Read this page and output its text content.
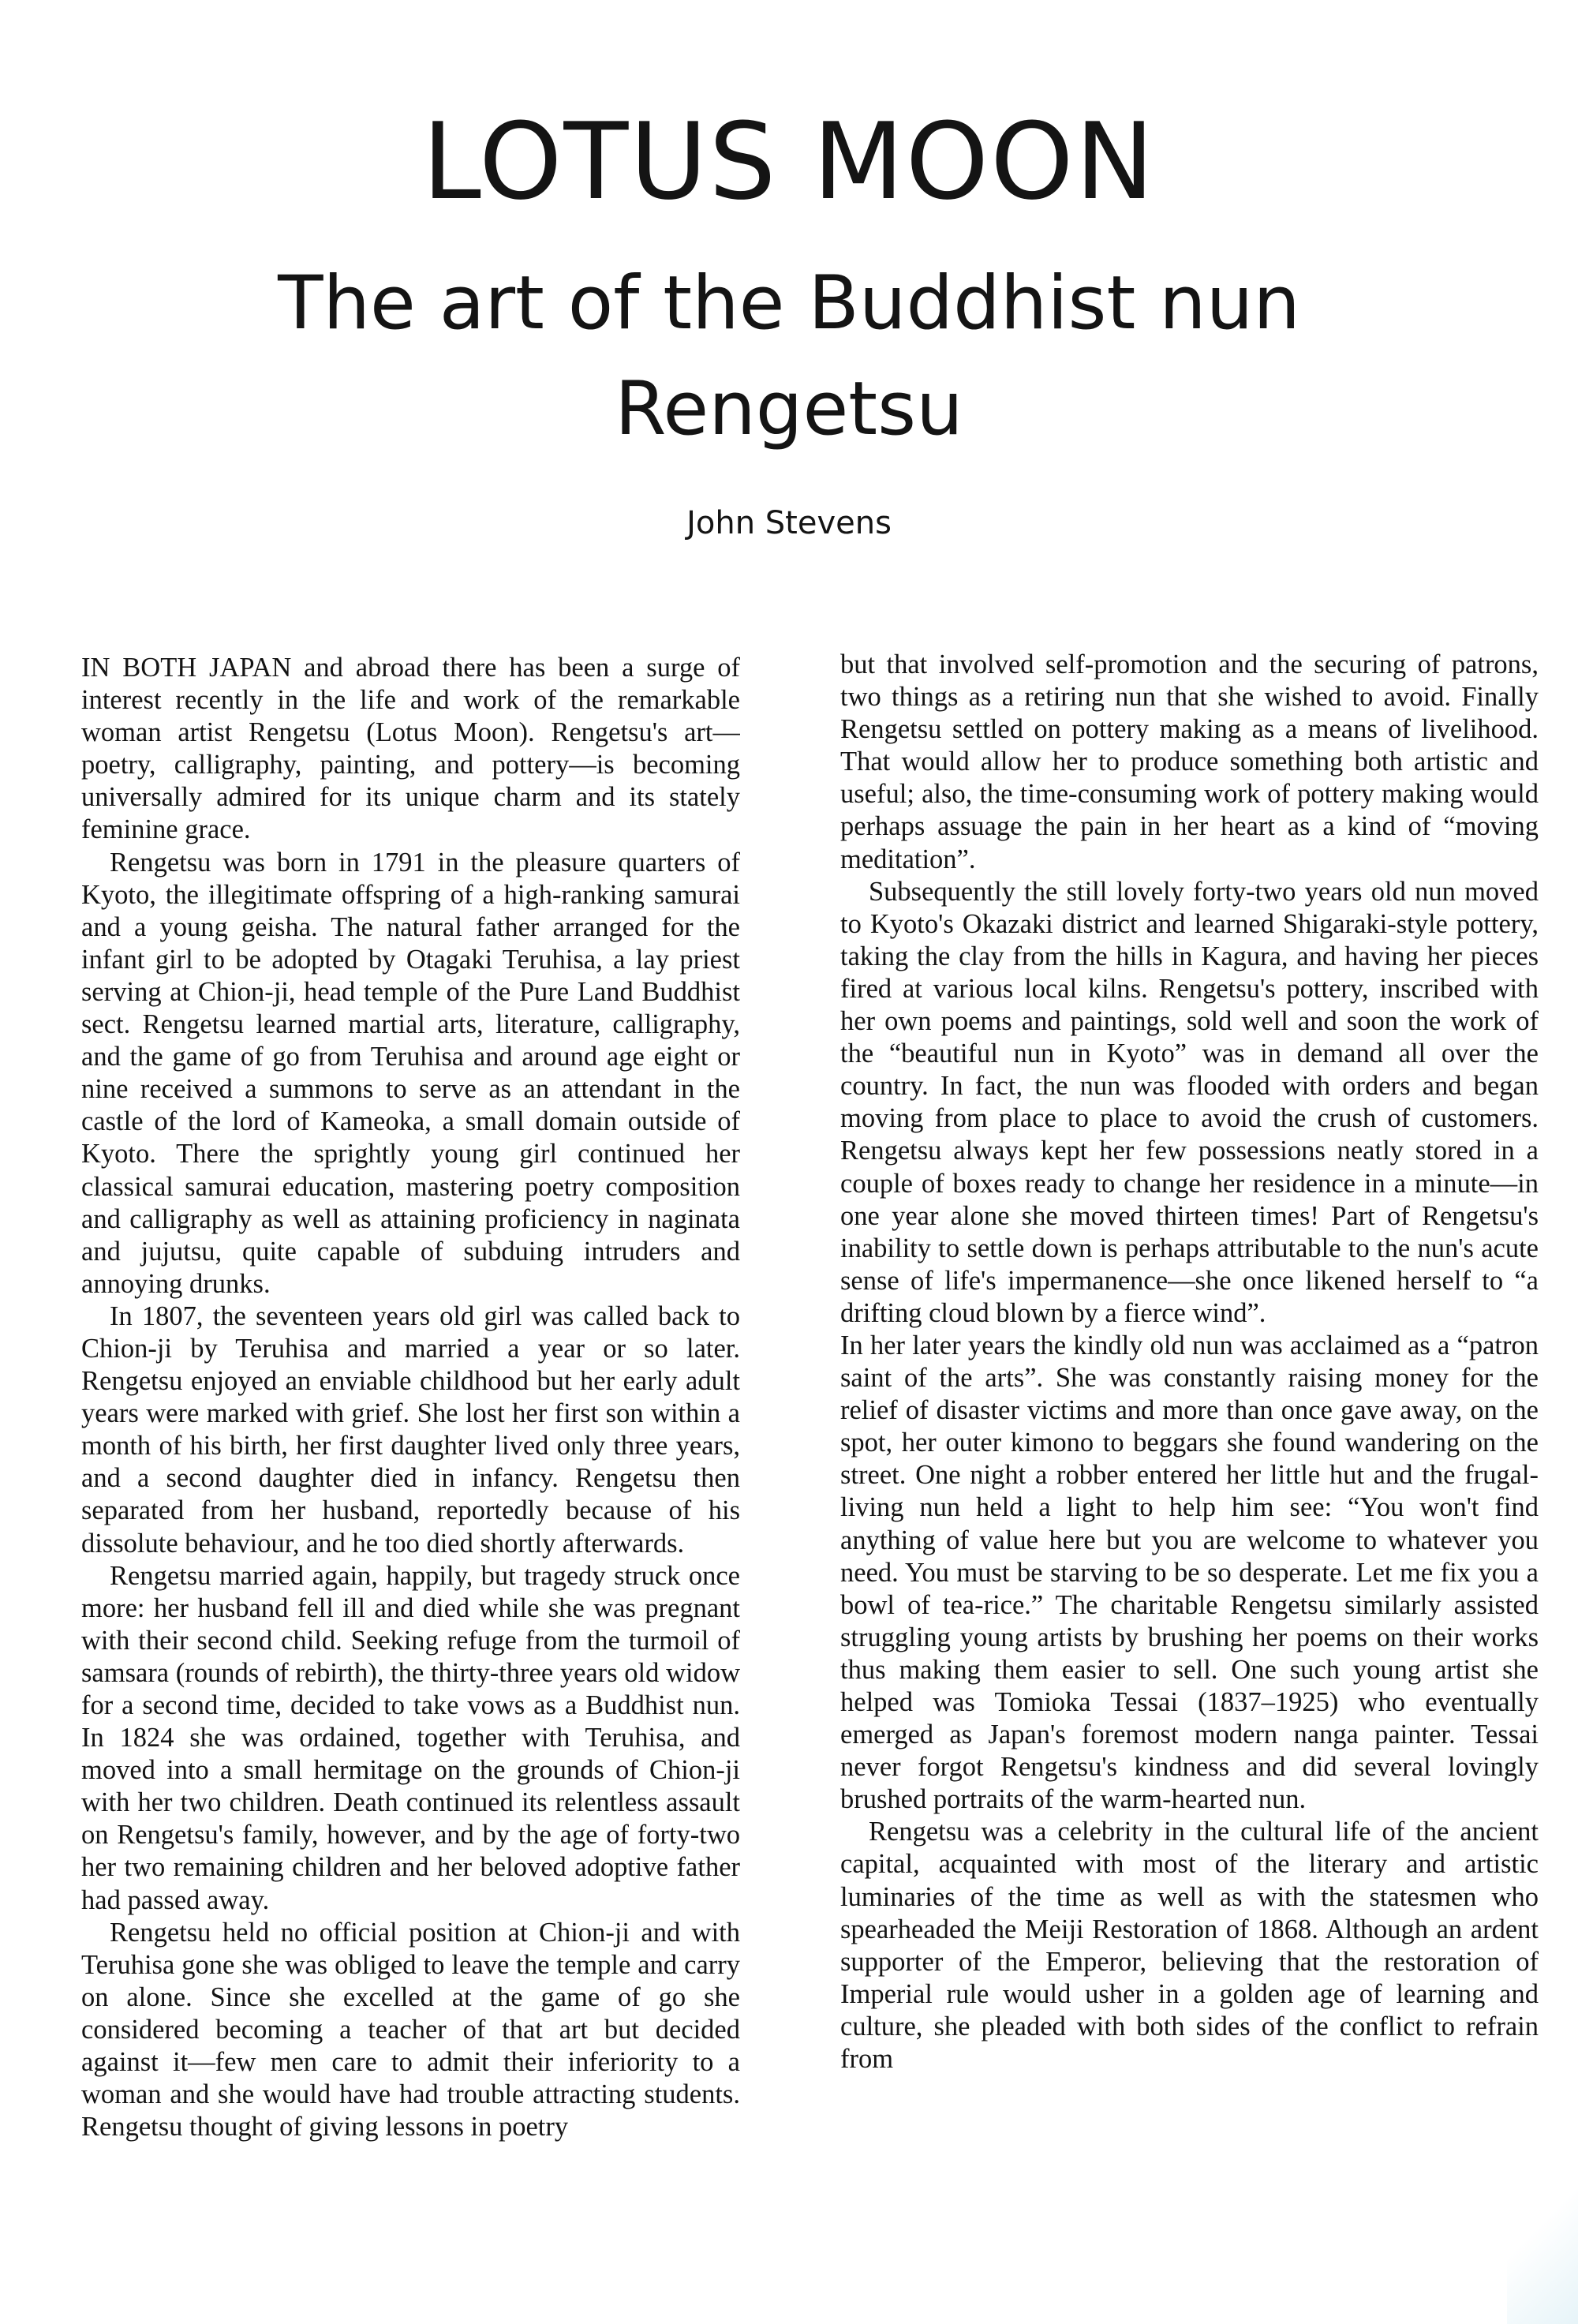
LOTUS MOON
The art of the Buddhist nun Rengetsu
John Stevens

IN BOTH JAPAN and abroad there has been a surge of interest recently in the life and work of the remarkable woman artist Rengetsu (Lotus Moon). Rengetsu's art—poetry, calligraphy, painting, and pottery—is becoming universally admired for its unique charm and its stately feminine grace.

Rengetsu was born in 1791 in the pleasure quarters of Kyoto, the illegitimate offspring of a high-ranking samurai and a young geisha. The natural father arranged for the infant girl to be adopted by Otagaki Teruhisa, a lay priest serving at Chion-ji, head temple of the Pure Land Buddhist sect. Rengetsu learned martial arts, literature, calligraphy, and the game of go from Teruhisa and around age eight or nine received a summons to serve as an attendant in the castle of the lord of Kameoka, a small domain outside of Kyoto. There the sprightly young girl continued her classical samurai education, mastering poetry composition and calligraphy as well as attaining proficiency in naginata and jujutsu, quite capable of subduing intruders and annoying drunks.

In 1807, the seventeen years old girl was called back to Chion-ji by Teruhisa and married a year or so later. Rengetsu enjoyed an enviable childhood but her early adult years were marked with grief. She lost her first son within a month of his birth, her first daughter lived only three years, and a second daughter died in infancy. Rengetsu then separated from her husband, reportedly because of his dissolute behaviour, and he too died shortly afterwards.

Rengetsu married again, happily, but tragedy struck once more: her husband fell ill and died while she was pregnant with their second child. Seeking refuge from the turmoil of samsara (rounds of rebirth), the thirty-three years old widow for a second time, decided to take vows as a Buddhist nun. In 1824 she was ordained, together with Teruhisa, and moved into a small hermitage on the grounds of Chion-ji with her two children. Death continued its relentless assault on Rengetsu's family, however, and by the age of forty-two her two remaining children and her beloved adoptive father had passed away.

Rengetsu held no official position at Chion-ji and with Teruhisa gone she was obliged to leave the temple and carry on alone. Since she excelled at the game of go she considered becoming a teacher of that art but decided against it—few men care to admit their inferiority to a woman and she would have had trouble attracting students. Rengetsu thought of giving lessons in poetry

but that involved self-promotion and the securing of patrons, two things as a retiring nun that she wished to avoid. Finally Rengetsu settled on pottery making as a means of livelihood. That would allow her to produce something both artistic and useful; also, the time-consuming work of pottery making would perhaps assuage the pain in her heart as a kind of “moving meditation”.

Subsequently the still lovely forty-two years old nun moved to Kyoto's Okazaki district and learned Shigaraki-style pottery, taking the clay from the hills in Kagura, and having her pieces fired at various local kilns. Rengetsu's pottery, inscribed with her own poems and paintings, sold well and soon the work of the “beautiful nun in Kyoto” was in demand all over the country. In fact, the nun was flooded with orders and began moving from place to place to avoid the crush of customers. Rengetsu always kept her few possessions neatly stored in a couple of boxes ready to change her residence in a minute—in one year alone she moved thirteen times! Part of Rengetsu's inability to settle down is perhaps attributable to the nun's acute sense of life's impermanence—she once likened herself to “a drifting cloud blown by a fierce wind”.

In her later years the kindly old nun was acclaimed as a “patron saint of the arts”. She was constantly raising money for the relief of disaster victims and more than once gave away, on the spot, her outer kimono to beggars she found wandering on the street. One night a robber entered her little hut and the frugal-living nun held a light to help him see: “You won't find anything of value here but you are welcome to whatever you need. You must be starving to be so desperate. Let me fix you a bowl of tea-rice.” The charitable Rengetsu similarly assisted struggling young artists by brushing her poems on their works thus making them easier to sell. One such young artist she helped was Tomioka Tessai (1837–1925) who eventually emerged as Japan's foremost modern nanga painter. Tessai never forgot Rengetsu's kindness and did several lovingly brushed portraits of the warm-hearted nun.

Rengetsu was a celebrity in the cultural life of the ancient capital, acquainted with most of the literary and artistic luminaries of the time as well as with the statesmen who spearheaded the Meiji Restoration of 1868. Although an ardent supporter of the Emperor, believing that the restoration of Imperial rule would usher in a golden age of learning and culture, she pleaded with both sides of the conflict to refrain from
